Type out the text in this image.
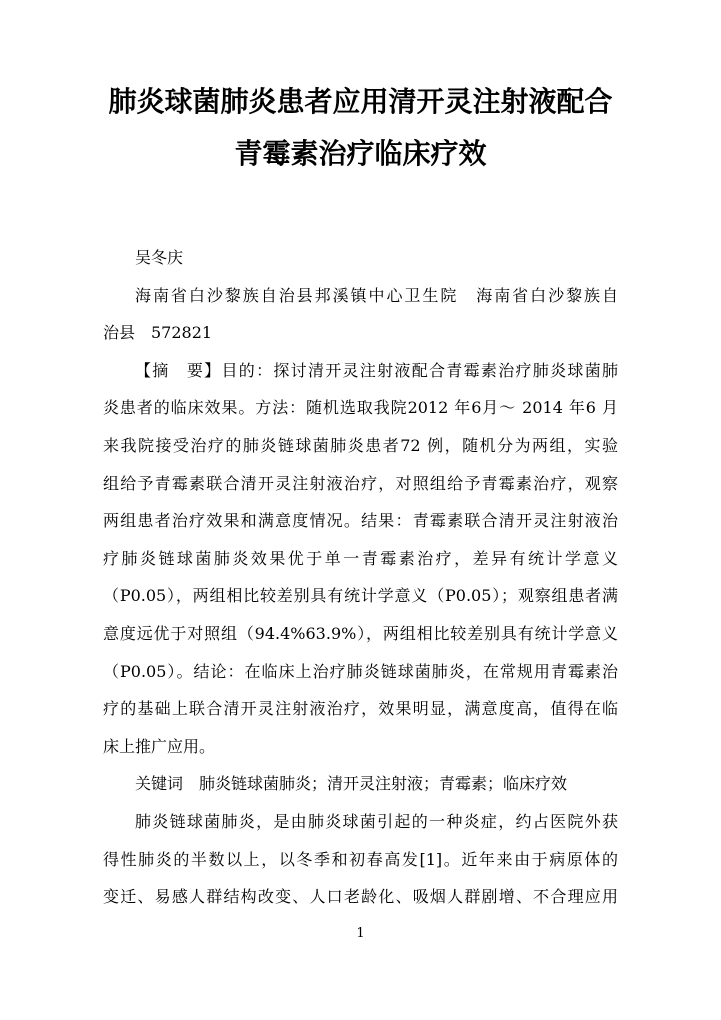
肺炎球菌肺炎患者应用清开灵注射液配合
青霉素治疗临床疗效
吴冬庆
海南省白沙黎族自治县邦溪镇中心卫生院　海南省白沙黎族自
治县　572821
【摘　要】目的：探讨清开灵注射液配合青霉素治疗肺炎球菌肺
炎患者的临床效果。方法：随机选取我院2012 年6月～ 2014 年6 月
来我院接受治疗的肺炎链球菌肺炎患者72 例，随机分为两组，实验
组给予青霉素联合清开灵注射液治疗，对照组给予青霉素治疗，观察
两组患者治疗效果和满意度情况。结果：青霉素联合清开灵注射液治
疗肺炎链球菌肺炎效果优于单一青霉素治疗，差异有统计学意义
（P0.05），两组相比较差别具有统计学意义（P0.05）；观察组患者满
意度远优于对照组（94.4%63.9%），两组相比较差别具有统计学意义
（P0.05）。结论：在临床上治疗肺炎链球菌肺炎，在常规用青霉素治
疗的基础上联合清开灵注射液治疗，效果明显，满意度高，值得在临
床上推广应用。
关键词　肺炎链球菌肺炎；清开灵注射液；青霉素；临床疗效
肺炎链球菌肺炎，是由肺炎球菌引起的一种炎症，约占医院外获
得性肺炎的半数以上，以冬季和初春高发[1]。近年来由于病原体的
变迁、易感人群结构改变、人口老龄化、吸烟人群剧增、不合理应用
1
